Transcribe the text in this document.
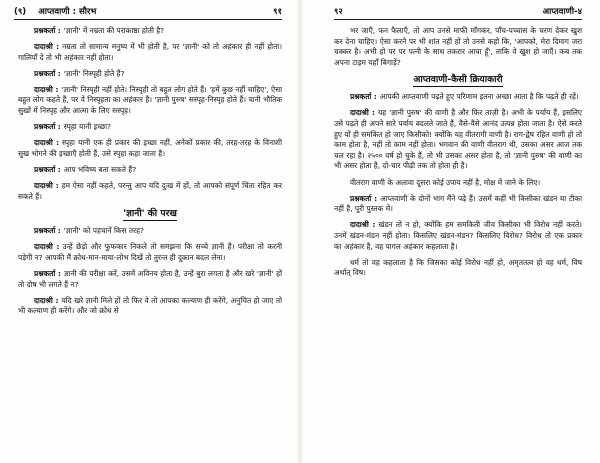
(९) आप्तवाणी : सौरभ	९१
प्रश्नकर्ता : 'ज्ञानी' में नम्रता की पराकाष्ठा होती है?
दादाश्री : नम्रता तो सामान्य मनुष्य में भी होती है, पर 'ज्ञानी' को तो अहंकार ही नहीं होता। गालियाँ दें तो भी अहंकार नहीं होता।
प्रश्नकर्ता : 'ज्ञानी' निस्पृही होते हैं?
दादाश्री : 'ज्ञानी' निस्पृही नहीं होते। निस्पृही तो बहुत लोग होते हैं। 'हमें कुछ नहीं चाहिए', ऐसा बहुत लोग कहते हैं, पर वे निस्पृहता का अहंकार है। 'ज्ञानी पुरुष' सस्पृह-निस्पृह होते हैं। यानी भौतिक सुखों में निस्पृह और आत्मा के लिए सस्पृह।
प्रश्नकर्ता : स्पृहा यानी इच्छा?
दादाश्री : स्पृहा यानी एक ही प्रकार की इच्छा नहीं, अनेकों प्रकार की, तरह-तरह के विनाशी सुख भोगने की इच्छाएँ होती हैं, उसे स्पृहा कहा जाता है।
प्रश्नकर्ता : आप भविष्य बता सकते हैं?
दादाश्री : हम ऐसा नहीं कहते, परन्तु आप यदि दुःख में हों, तो आपको संपूर्ण चिंता रहित कर सकते हैं।
'ज्ञानी' की परख
प्रश्नकर्ता : 'ज्ञानी' को पहचानें किस तरह?
दादाश्री : उन्हें छेड़ो और फुफकार निकले तो समझना कि सच्चे ज्ञानी हैं। परीक्षा तो करनी पड़ेगी न? आपकी मैं क्रोध-मान-माया-लोभ दिखें तो तुरन्त ही दुकान बदल लेना।
प्रश्नकर्ता : ज्ञानी की परीक्षा करें, उसमें अविनय होता है, उन्हें बुरा लगता है और खरे 'ज्ञानी' हों तो दोष भी लगते हैं न?
दादाश्री : यदि खरे ज्ञानी मिले हों तो फिर वे तो आपका कल्याण ही करेंगे, अनुचित हो जाए तो भी कल्याण ही करेंगे। और जो क्रोध से
९२	आप्तवाणी-४
भर जाएँ, फन फैलाएँ, तो आप उनसे माफी माँगकर, पाँच-पच्चास के चरण देकर खुश कर देना चाहिए। ऐसा करने पर भी शांत नहीं हों तो उनसे कहो कि, 'आपको, मेरा दिमाग जरा चक्कर है। अभी हो पर पर पत्नी के साथ तकरार आया हूँ', ताकि वे खुश हो जाएँ। कब तक अपना टाइम यहाँ बिगाड़ें?
आप्तवाणी-कैसी क्रियाकारी
प्रश्नकर्ता : आपकी आप्तवाणी पढ़ते हुए परिणाम इतना अच्छा आता है कि पढ़ते ही रहें।
दादाश्री : यह 'ज्ञानी पुरुष' की वाणी है और फिर ताज़ी है। अभी के पर्याय हैं, इसलिए उसे पढ़ते ही अपने सारे पर्याय बदलते जाते हैं, वैसे-वैसे आनंद उत्पन्न होता जाता है। ऐसे करते हुए यों ही समकित हो जाए किसीको! क्योंकि यह वीतरागी वाणी है। राग-द्वेष रहित वाणी हो तो काम होता है, नहीं तो काम नहीं होता। भगवान की वाणी वीतराग थी, उसका असर आज तक चल रहा है। २५०० वर्ष हो चुके हैं, तो भी उसका असर होता है, तो 'ज्ञानी पुरुष' की वाणी का भी असर होता है, दो-चार पीढ़ी तक तो होता ही है।
वीतराग वाणी के अलावा दूसरा कोई उपाय नहीं है, मोक्ष में जाने के लिए।
प्रश्नकर्ता : आप्तवाणी के दोनों भाग मैंने पढ़े हैं। उसमें कहीं भी किसीका खंडन या टीका नहीं है, पूरी पुस्तक में।
दादाश्री : खंडन तो न हो, क्योंकि हम समकिती जीव किसीका भी विरोध नहीं करते। उनमें खंडन-मंडन नहीं होता। किसलिए खंडन-मंडन? किसलिए विरोध? विरोध तो एक प्रकार का अहंकार है, वह पागल अहंकार कहलाता है।
धर्म तो वह कहलाता है कि जिसका कोई विरोध नहीं हो, अमृततत्व हो वह धर्म, विष अर्थात् विष।
